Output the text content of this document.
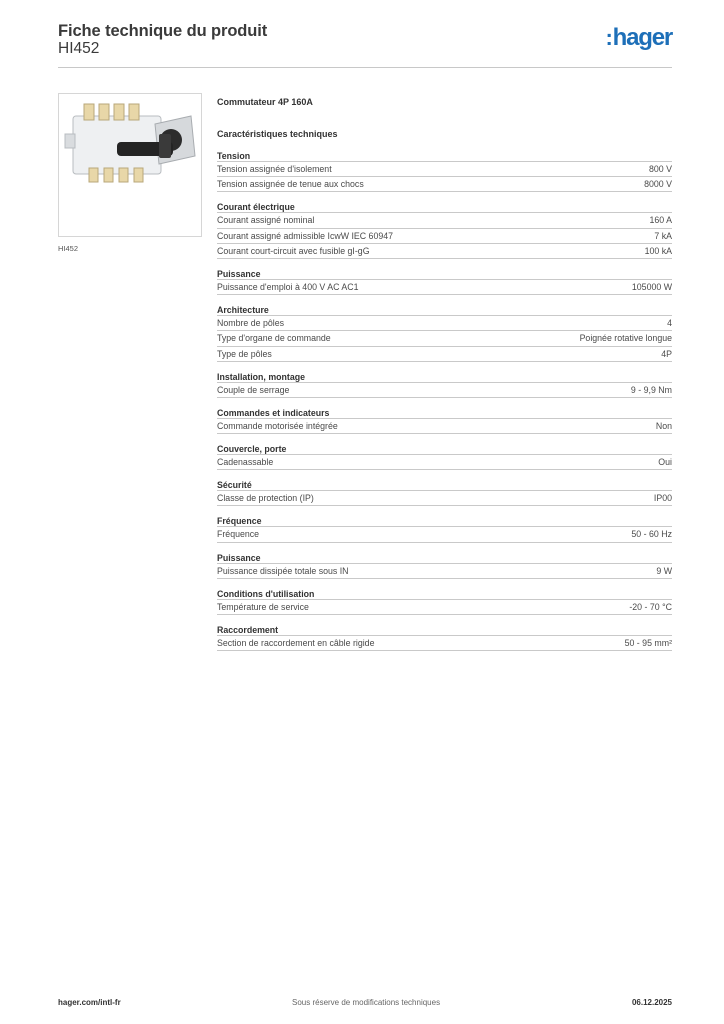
Fiche technique du produit
HI452	:hager
HI452
Commutateur 4P 160A
Caractéristiques techniques
Tension
Tension assignée d'isolement	800 V
Tension assignée de tenue aux chocs	8000 V
Courant électrique
Courant assigné nominal	160 A
Courant assigné admissible IcwW IEC 60947	7 kA
Courant court-circuit avec fusible gI-gG	100 kA
Puissance
Puissance d'emploi à 400 V AC AC1	105000 W
Architecture
Nombre de pôles	4
Type d'organe de commande	Poignée rotative longue
Type de pôles	4P
Installation, montage
Couple de serrage	9 - 9,9 Nm
Commandes et indicateurs
Commande motorisée intégrée	Non
Couvercle, porte
Cadenassable	Oui
Sécurité
Classe de protection (IP)	IP00
Fréquence
Fréquence	50 - 60 Hz
Puissance
Puissance dissipée totale sous IN	9 W
Conditions d'utilisation
Température de service	-20 - 70 °C
Raccordement
Section de raccordement en câble rigide	50 - 95 mm²
hager.com/intl-fr	Sous réserve de modifications techniques	06.12.2025
